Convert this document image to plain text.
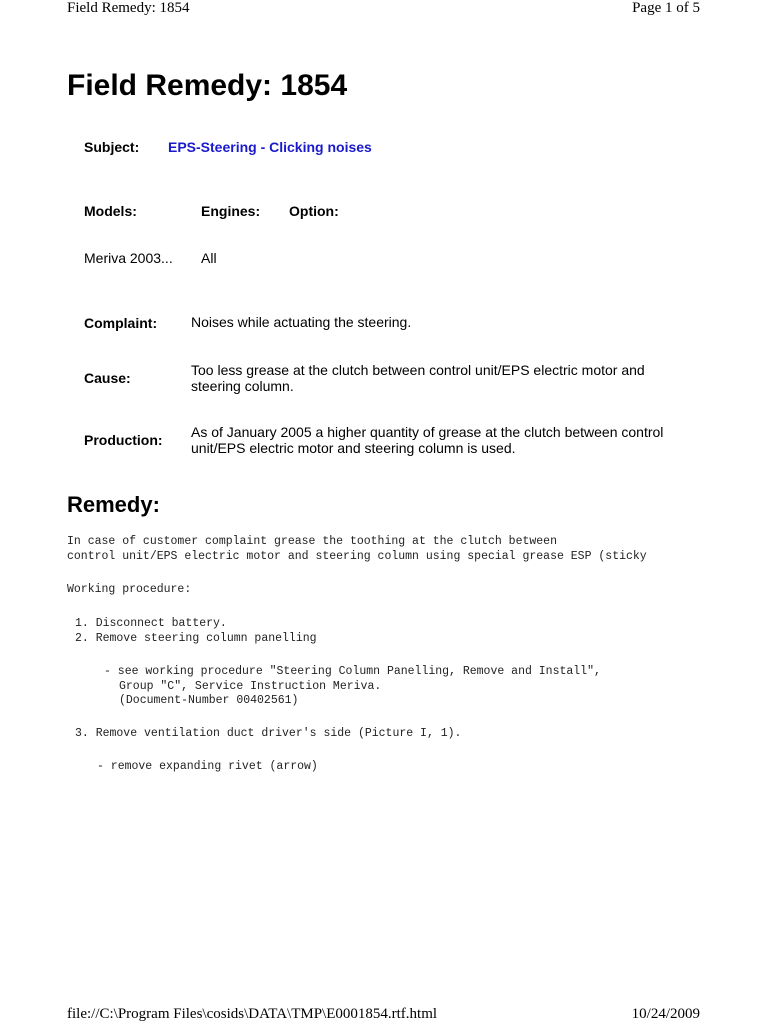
Field Remedy: 1854	Page 1 of 5
Field Remedy: 1854
Subject: EPS-Steering - Clicking noises
Models:	Engines: Option:
Meriva 2003... All
Complaint: Noises while actuating the steering.
Cause:	Too less grease at the clutch between control unit/EPS electric motor and steering column.
Production: As of January 2005 a higher quantity of grease at the clutch between control unit/EPS electric motor and steering column is used.
Remedy:
In case of customer complaint grease the toothing at the clutch between
control unit/EPS electric motor and steering column using special grease ESP (sticky
Working procedure:
1. Disconnect battery.
2. Remove steering column panelling
- see working procedure "Steering Column Panelling, Remove and Install",
Group "C", Service Instruction Meriva.
(Document-Number 00402561)
3. Remove ventilation duct driver's side (Picture I, 1).
- remove expanding rivet (arrow)
file://C:\Program Files\cosids\DATA\TMP\E0001854.rtf.html	10/24/2009
